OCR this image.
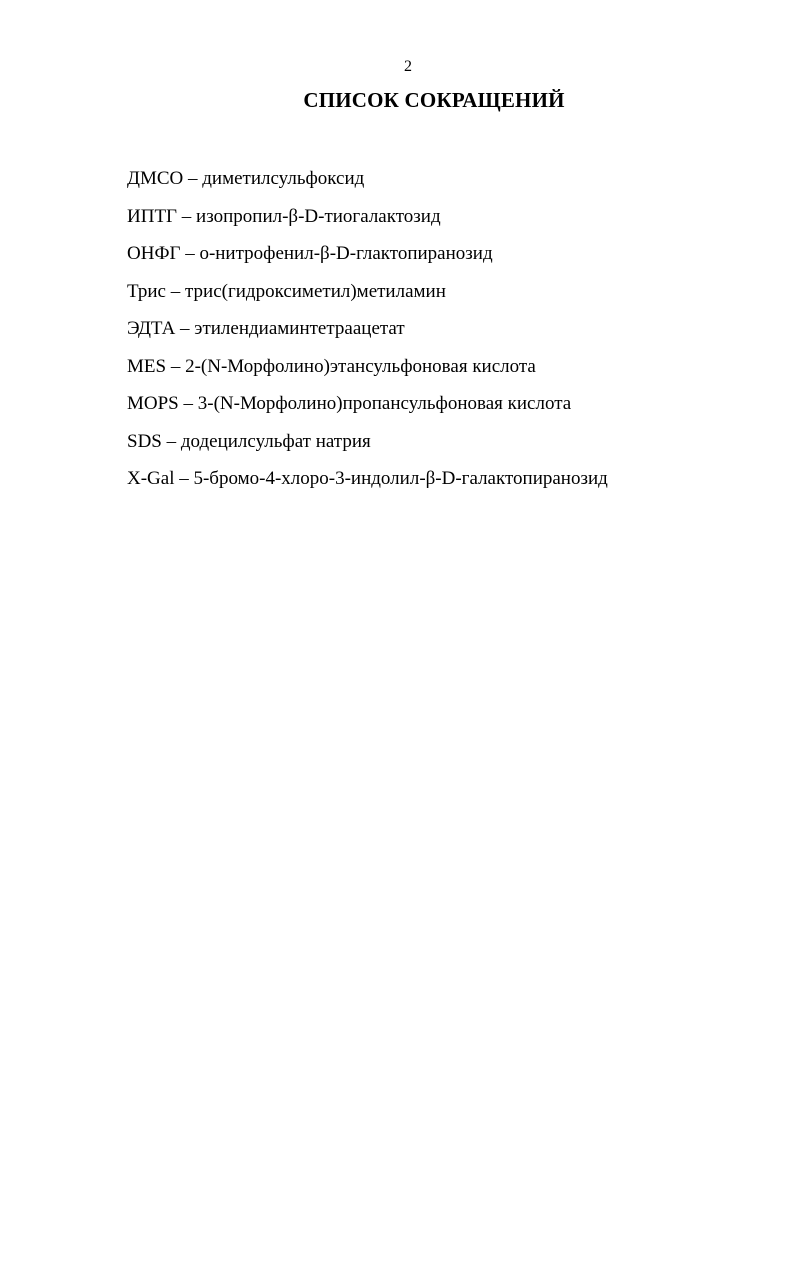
2
СПИСОК СОКРАЩЕНИЙ
ДМСО – диметилсульфоксид
ИПТГ – изопропил-β-D-тиогалактозид
ОНФГ – о-нитрофенил-β-D-глактопиранозид
Трис – трис(гидроксиметил)метиламин
ЭДТА – этилендиаминтетраацетат
MES – 2-(N-Морфолино)этансульфоновая кислота
MOPS – 3-(N-Морфолино)пропансульфоновая кислота
SDS – додецилсульфат натрия
X-Gal – 5-бромо-4-хлоро-3-индолил-β-D-галактопиранозид
